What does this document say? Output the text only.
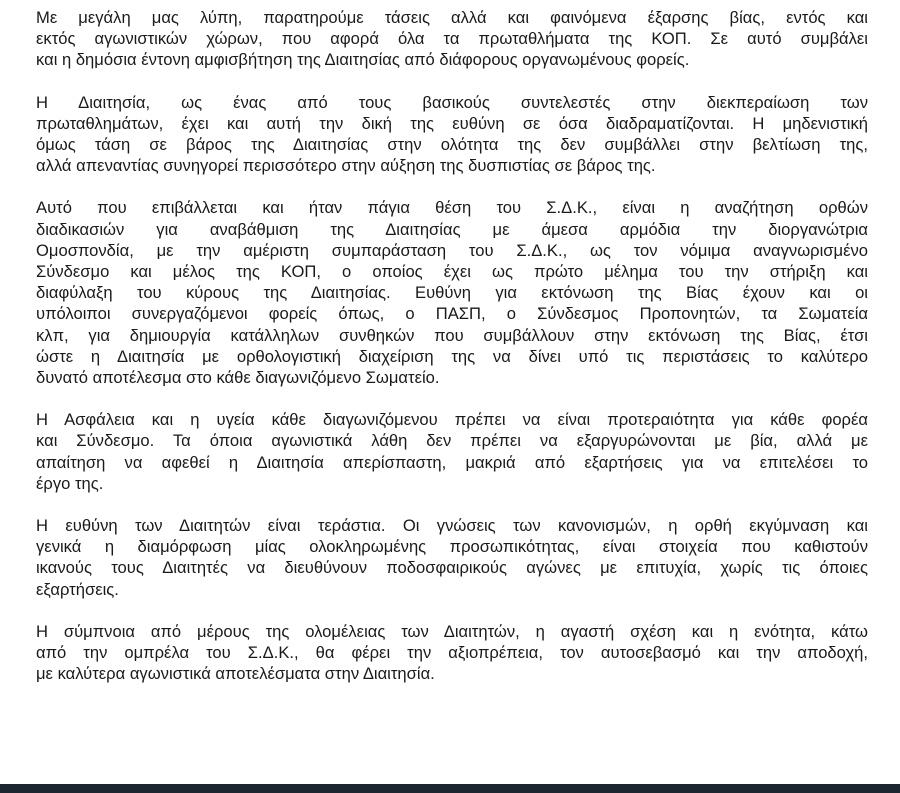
Με μεγάλη μας λύπη, παρατηρούμε τάσεις αλλά και φαινόμενα έξαρσης βίας, εντός και
εκτός αγωνιστικών χώρων, που αφορά όλα τα πρωταθλήματα της ΚΟΠ. Σε αυτό συμβάλει
και η δημόσια έντονη αμφισβήτηση της Διαιτησίας από διάφορους οργανωμένους φορείς.

Η Διαιτησία, ως ένας από τους βασικούς συντελεστές στην διεκπεραίωση των
πρωταθλημάτων, έχει και αυτή την δική της ευθύνη σε όσα διαδραματίζονται. Η μηδενιστική
όμως τάση σε βάρος της Διαιτησίας στην ολότητα της δεν συμβάλλει στην βελτίωση της,
αλλά απεναντίας συνηγορεί περισσότερο στην αύξηση της δυσπιστίας σε βάρος της.

Αυτό που επιβάλλεται και ήταν πάγια θέση του Σ.Δ.Κ., είναι η αναζήτηση ορθών
διαδικασιών για αναβάθμιση της Διαιτησίας με άμεσα αρμόδια την διοργανώτρια
Ομοσπονδία, με την αμέριστη συμπαράσταση του Σ.Δ.Κ., ως τον νόμιμα αναγνωρισμένο
Σύνδεσμο και μέλος της ΚΟΠ, ο οποίος έχει ως πρώτο μέλημα του την στήριξη και
διαφύλαξη του κύρους της Διαιτησίας. Ευθύνη για εκτόνωση της Βίας έχουν και οι
υπόλοιποι συνεργαζόμενοι φορείς όπως, ο ΠΑΣΠ, ο Σύνδεσμος Προπονητών, τα Σωματεία
κλπ, για δημιουργία κατάλληλων συνθηκών που συμβάλλουν στην εκτόνωση της Βίας, έτσι
ώστε η Διαιτησία με ορθολογιστική διαχείριση της να δίνει υπό τις περιστάσεις το καλύτερο
δυνατό αποτέλεσμα στο κάθε διαγωνιζόμενο Σωματείο.

Η Ασφάλεια και η υγεία κάθε διαγωνιζόμενου πρέπει να είναι προτεραιότητα για κάθε φορέα
και Σύνδεσμο. Τα όποια αγωνιστικά λάθη δεν πρέπει να εξαργυρώνονται με βία, αλλά με
απαίτηση να αφεθεί η Διαιτησία απερίσπαστη, μακριά από εξαρτήσεις για να επιτελέσει το
έργο της.

Η ευθύνη των Διαιτητών είναι τεράστια. Οι γνώσεις των κανονισμών, η ορθή εκγύμναση και
γενικά η διαμόρφωση μίας ολοκληρωμένης προσωπικότητας, είναι στοιχεία που καθιστούν
ικανούς τους Διαιτητές να διευθύνουν ποδοσφαιρικούς αγώνες με επιτυχία, χωρίς τις όποιες
εξαρτήσεις.

Η σύμπνοια από μέρους της ολομέλειας των Διαιτητών, η αγαστή σχέση και η ενότητα, κάτω
από την ομπρέλα του Σ.Δ.Κ., θα φέρει την αξιοπρέπεια, τον αυτοσεβασμό και την αποδοχή,
με καλύτερα αγωνιστικά αποτελέσματα στην Διαιτησία.
